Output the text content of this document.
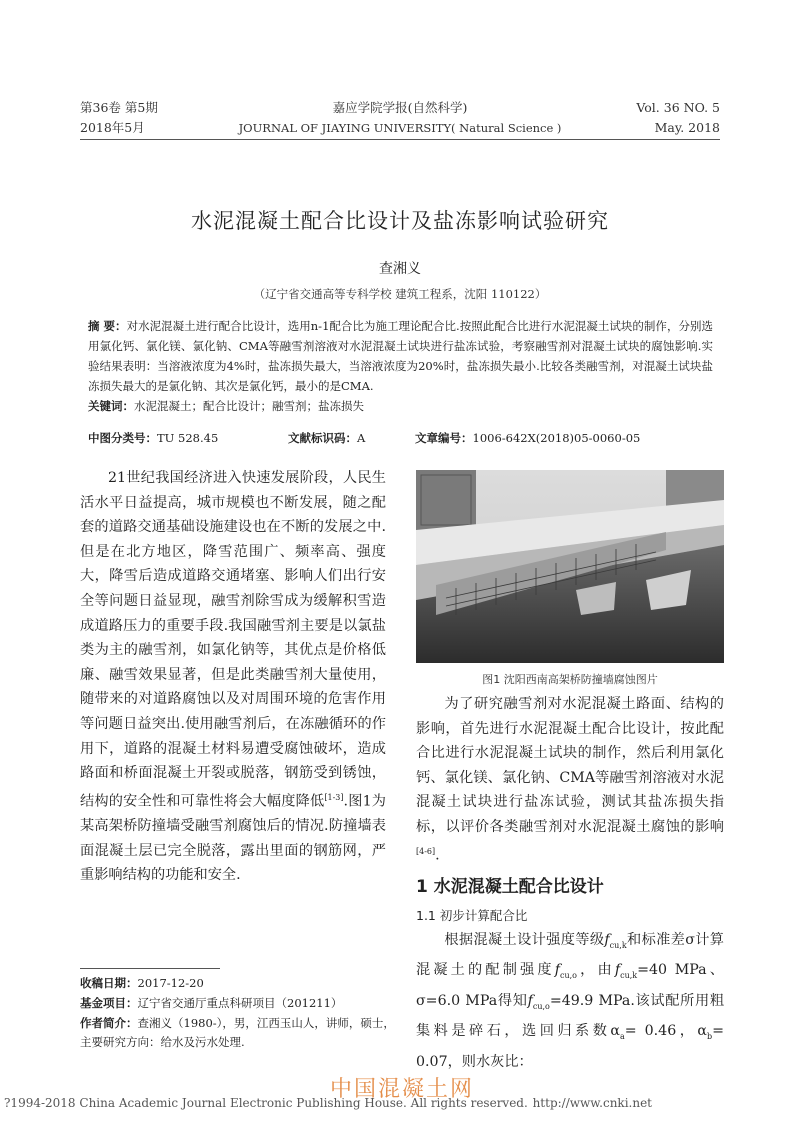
第36卷 第5期
2018年5月
嘉应学院学报(自然科学)
JOURNAL OF JIAYING UNIVERSITY( Natural Science )
Vol. 36 NO. 5
May. 2018
水泥混凝土配合比设计及盐冻影响试验研究
查湘义
（辽宁省交通高等专科学校 建筑工程系，沈阳 110122）
摘 要：对水泥混凝土进行配合比设计，选用n-1配合比为施工理论配合比.按照此配合比进行水泥混凝土试块的制作，分别选用氯化钙、氯化镁、氯化钠、CMA等融雪剂溶液对水泥混凝土试块进行盐冻试验，考察融雪剂对混凝土试块的腐蚀影响.实验结果表明：当溶液浓度为4%时，盐冻损失最大，当溶液浓度为20%时，盐冻损失最小.比较各类融雪剂，对混凝土试块盐冻损失最大的是氯化钠、其次是氯化钙，最小的是CMA.
关键词：水泥混凝土；配合比设计；融雪剂；盐冻损失
中图分类号：TU 528.45	文献标识码：A	文章编号：1006-642X(2018)05-0060-05
21世纪我国经济进入快速发展阶段，人民生活水平日益提高，城市规模也不断发展，随之配套的道路交通基础设施建设也在不断的发展之中.但是在北方地区，降雪范围广、频率高、强度大，降雪后造成道路交通堵塞、影响人们出行安全等问题日益显现，融雪剂除雪成为缓解积雪造成道路压力的重要手段.我国融雪剂主要是以氯盐类为主的融雪剂，如氯化钠等，其优点是价格低廉、融雪效果显著，但是此类融雪剂大量使用，随带来的对道路腐蚀以及对周围环境的危害作用等问题日益突出.使用融雪剂后，在冻融循环的作用下，道路的混凝土材料易遭受腐蚀破坏，造成路面和桥面混凝土开裂或脱落，钢筋受到锈蚀，结构的安全性和可靠性将会大幅度降低[1-3].图1为某高架桥防撞墙受融雪剂腐蚀后的情况.防撞墙表面混凝土层已完全脱落，露出里面的钢筋网，严重影响结构的功能和安全.
图1 沈阳西南高架桥防撞墙腐蚀图片
为了研究融雪剂对水泥混凝土路面、结构的影响，首先进行水泥混凝土配合比设计，按此配合比进行水泥混凝土试块的制作，然后利用氯化钙、氯化镁、氯化钠、CMA等融雪剂溶液对水泥混凝土试块进行盐冻试验，测试其盐冻损失指标，以评价各类融雪剂对水泥混凝土腐蚀的影响[4-6].
1 水泥混凝土配合比设计
1.1 初步计算配合比
根据混凝土设计强度等级$f_{cu,k}$和标准差σ计算混凝土的配制强度$f_{cu,o}$，由$f_{cu,k}=40$ MPa、σ=6.0 MPa得知$f_{cu,o}=49.9$ MPa.该试配所用粗集料是碎石，选回归系数$\alpha_a= 0.46$，$\alpha_b= 0.07$，则水灰比：
收稿日期：2017-12-20
基金项目：辽宁省交通厅重点科研项目（201211）
作者简介：查湘义（1980-），男，江西玉山人，讲师，硕士，主要研究方向：给水及污水处理.
中国混凝土网
?1994-2018 China Academic Journal Electronic Publishing House. All rights reserved. http://www.cnki.net
